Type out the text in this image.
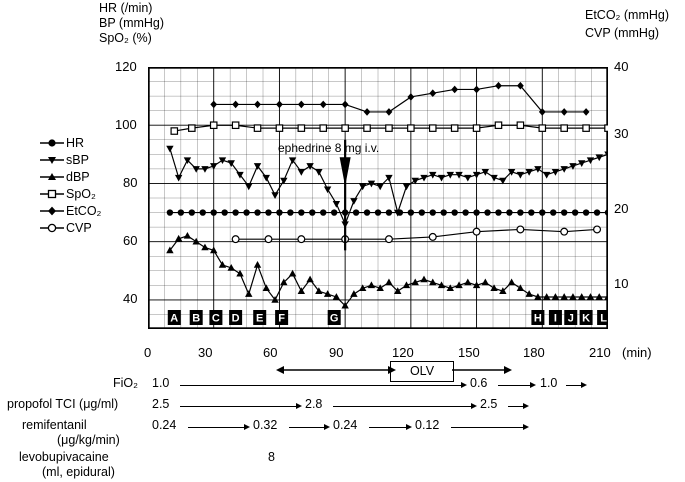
HR (/min)
BP (mmHg)
SpO₂ (%)
EtCO₂ (mmHg)
CVP (mmHg)
HR
sBP
dBP
SpO₂
EtCO₂
CVP
A B C D E F	G	H I J K L
120
100
80
60
40
40
30
20
10
0	30	60	90	120	150	180	210 (min)
ephedrine 8 mg i.v.
OLV
FiO₂ 1.0	0.6	1.0
propofol TCI (μg/ml)	2.5	2.8	2.5
remifentanil
(μg/kg/min)
0.24	0.32	0.24	0.12
levobupivacaine
(ml, epidural)
8
